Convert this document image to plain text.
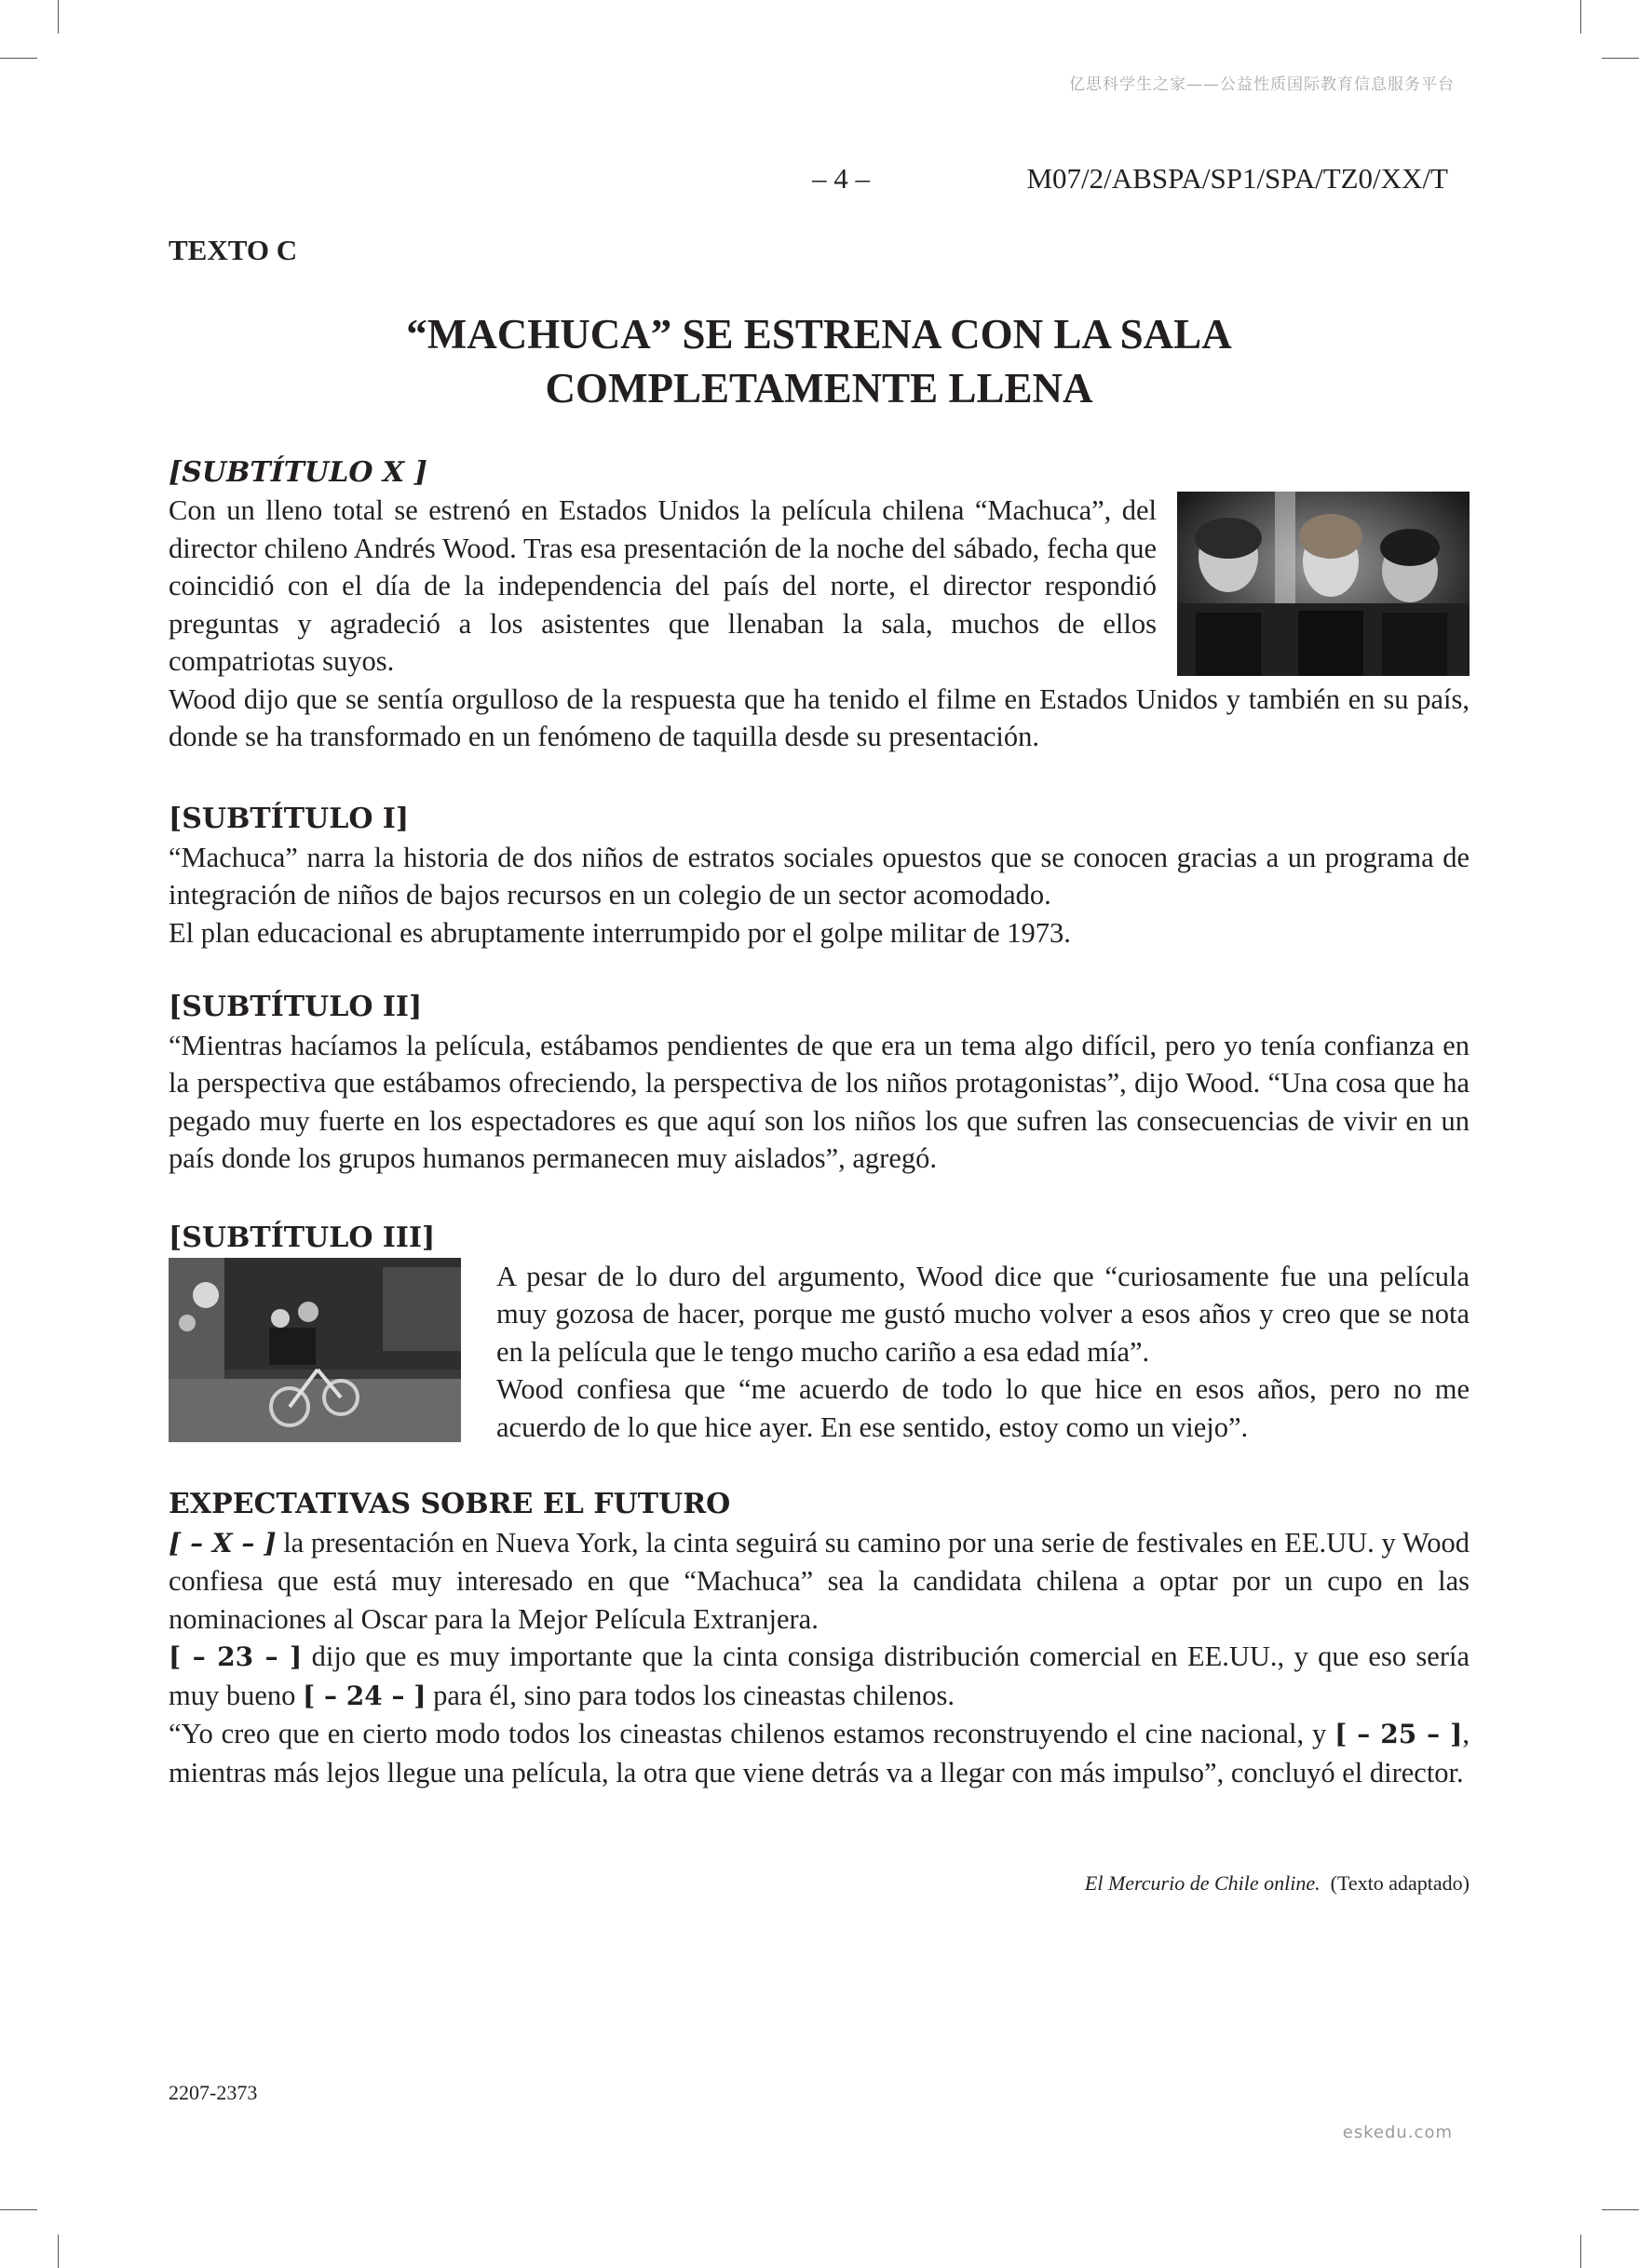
亿思科学生之家——公益性质国际教育信息服务平台
– 4 –	M07/2/ABSPA/SP1/SPA/TZ0/XX/T
TEXTO C
“MACHUCA” SE ESTRENA CON LA SALA
COMPLETAMENTE LLENA
[SUBTÍTULO X ]

Con un lleno total se estrenó en Estados Unidos la película chilena “Machuca”, del director chileno Andrés Wood. Tras esa presentación de la noche del sábado, fecha que coincidió con el día de la independencia del país del norte, el director respondió preguntas y agradeció a los asistentes que llenaban la sala, muchos de ellos compatriotas suyos.

Wood dijo que se sentía orgulloso de la respuesta que ha tenido el filme en Estados Unidos y también en su país, donde se ha transformado en un fenómeno de taquilla desde su presentación.

[SUBTÍTULO I]

“Machuca” narra la historia de dos niños de estratos sociales opuestos que se conocen gracias a un programa de integración de niños de bajos recursos en un colegio de un sector acomodado.

El plan educacional es abruptamente interrumpido por el golpe militar de 1973.

[SUBTÍTULO II]

“Mientras hacíamos la película, estábamos pendientes de que era un tema algo difícil, pero yo tenía confianza en la perspectiva que estábamos ofreciendo, la perspectiva de los niños protagonistas”, dijo Wood. “Una cosa que ha pegado muy fuerte en los espectadores es que aquí son los niños los que sufren las consecuencias de vivir en un país donde los grupos humanos permanecen muy aislados”, agregó.

[SUBTÍTULO III]

A pesar de lo duro del argumento, Wood dice que “curiosamente fue una película muy gozosa de hacer, porque me gustó mucho volver a esos años y creo que se nota en la película que le tengo mucho cariño a esa edad mía”.

Wood confiesa que “me acuerdo de todo lo que hice en esos años, pero no me acuerdo de lo que hice ayer. En ese sentido, estoy como un viejo”.

EXPECTATIVAS SOBRE EL FUTURO

[ – X – ] la presentación en Nueva York, la cinta seguirá su camino por una serie de festivales en EE.UU. y Wood confiesa que está muy interesado en que “Machuca” sea la candidata chilena a optar por un cupo en las nominaciones al Oscar para la Mejor Película Extranjera.

[ – 23 – ] dijo que es muy importante que la cinta consiga distribución comercial en EE.UU., y que eso sería muy bueno [ – 24 – ] para él, sino para todos los cineastas chilenos.

“Yo creo que en cierto modo todos los cineastas chilenos estamos reconstruyendo el cine nacional, y [ – 25 – ], mientras más lejos llegue una película, la otra que viene detrás va a llegar con más impulso”, concluyó el director.

El Mercurio de Chile online. (Texto adaptado)
2207-2373
eskedu.com
